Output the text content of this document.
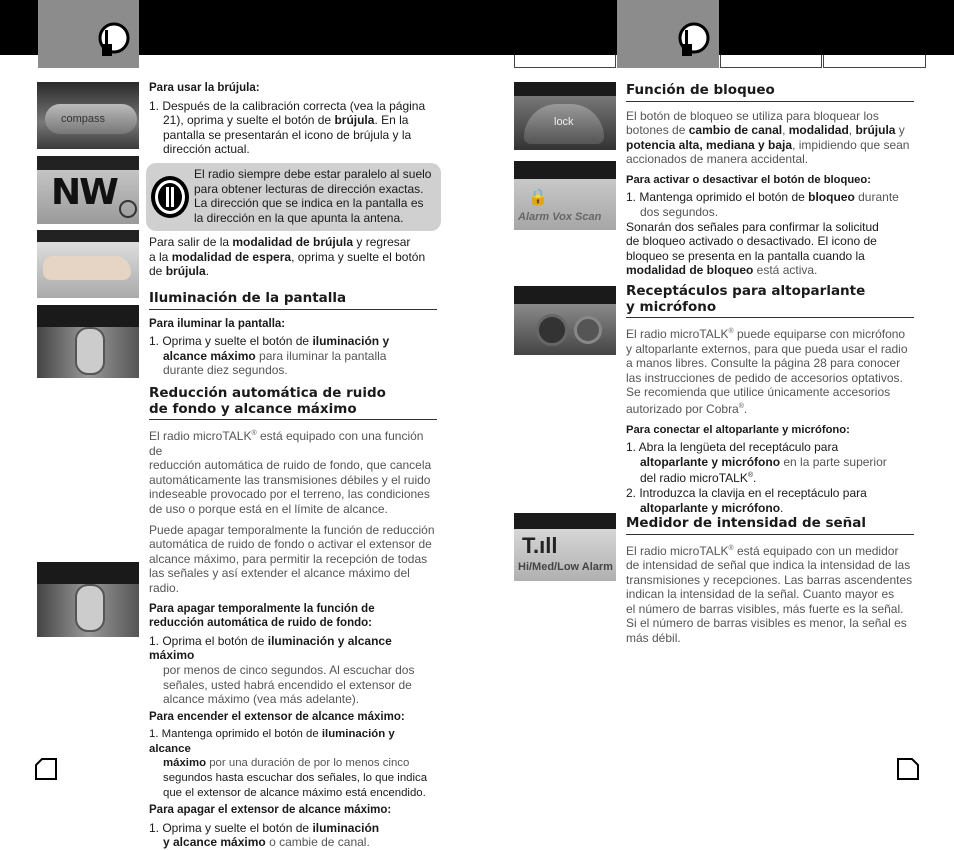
compass
NW
lock
🔒
Alarm Vox Scan
T.ıll
Hi/Med/Low Alarm

Para usar la brújula:

1. Después de la calibración correcta (vea la página

21), oprima y suelte el botón de brújula. En la

pantalla se presentarán el icono de brújula y la

dirección actual.

El radio siempre debe estar paralelo al suelo

para obtener lecturas de dirección exactas.

La dirección que se indica en la pantalla es

la dirección en la que apunta la antena.

Para salir de la modalidad de brújula y regresar

a la modalidad de espera, oprima y suelte el botón

de brújula.

Iluminación de la pantalla

Para iluminar la pantalla:

1. Oprima y suelte el botón de iluminación y

alcance máximo para iluminar la pantalla

durante diez segundos.

Reducción automática de ruido

de fondo y alcance máximo

El radio microTALK® está equipado con una función de

reducción automática de ruido de fondo, que cancela

automáticamente las transmisiones débiles y el ruido

indeseable provocado por el terreno, las condiciones

de uso o porque está en el límite de alcance.

Puede apagar temporalmente la función de reducción

automática de ruido de fondo o activar el extensor de

alcance máximo, para permitir la recepción de todas

las señales y así extender el alcance máximo del radio.

Para apagar temporalmente la función de

reducción automática de ruido de fondo:

1. Oprima el botón de iluminación y alcance máximo

por menos de cinco segundos. Al escuchar dos

señales, usted habrá encendido el extensor de

alcance máximo (vea más adelante).

Para encender el extensor de alcance máximo:

1. Mantenga oprimido el botón de iluminación y alcance

máximo por una duración de por lo menos cinco

segundos hasta escuchar dos señales, lo que indica

que el extensor de alcance máximo está encendido.

Para apagar el extensor de alcance máximo:

1. Oprima y suelte el botón de iluminación

y alcance máximo o cambie de canal.

Función de bloqueo

El botón de bloqueo se utiliza para bloquear los

botones de cambio de canal, modalidad, brújula y

potencia alta, mediana y baja, impidiendo que sean

accionados de manera accidental.

Para activar o desactivar el botón de bloqueo:

1. Mantenga oprimido el botón de bloqueo durante

dos segundos.

Sonarán dos señales para confirmar la solicitud

de bloqueo activado o desactivado. El icono de

bloqueo se presenta en la pantalla cuando la

modalidad de bloqueo está activa.

Receptáculos para altoparlante

y micrófono

El radio microTALK® puede equiparse con micrófono

y altoparlante externos, para que pueda usar el radio

a manos libres. Consulte la página 28 para conocer

las instrucciones de pedido de accesorios optativos.

Se recomienda que utilice únicamente accesorios

autorizado por Cobra®.

Para conectar el altoparlante y micrófono:

1. Abra la lengüeta del receptáculo para

altoparlante y micrófono en la parte superior

del radio microTALK®.

2. Introduzca la clavija en el receptáculo para

altoparlante y micrófono.

Medidor de intensidad de señal

El radio microTALK® está equipado con un medidor

de intensidad de señal que indica la intensidad de las

transmisiones y recepciones. Las barras ascendentes

indican la intensidad de la señal. Cuanto mayor es

el número de barras visibles, más fuerte es la señal.

Si el número de barras visibles es menor, la señal es

más débil.
